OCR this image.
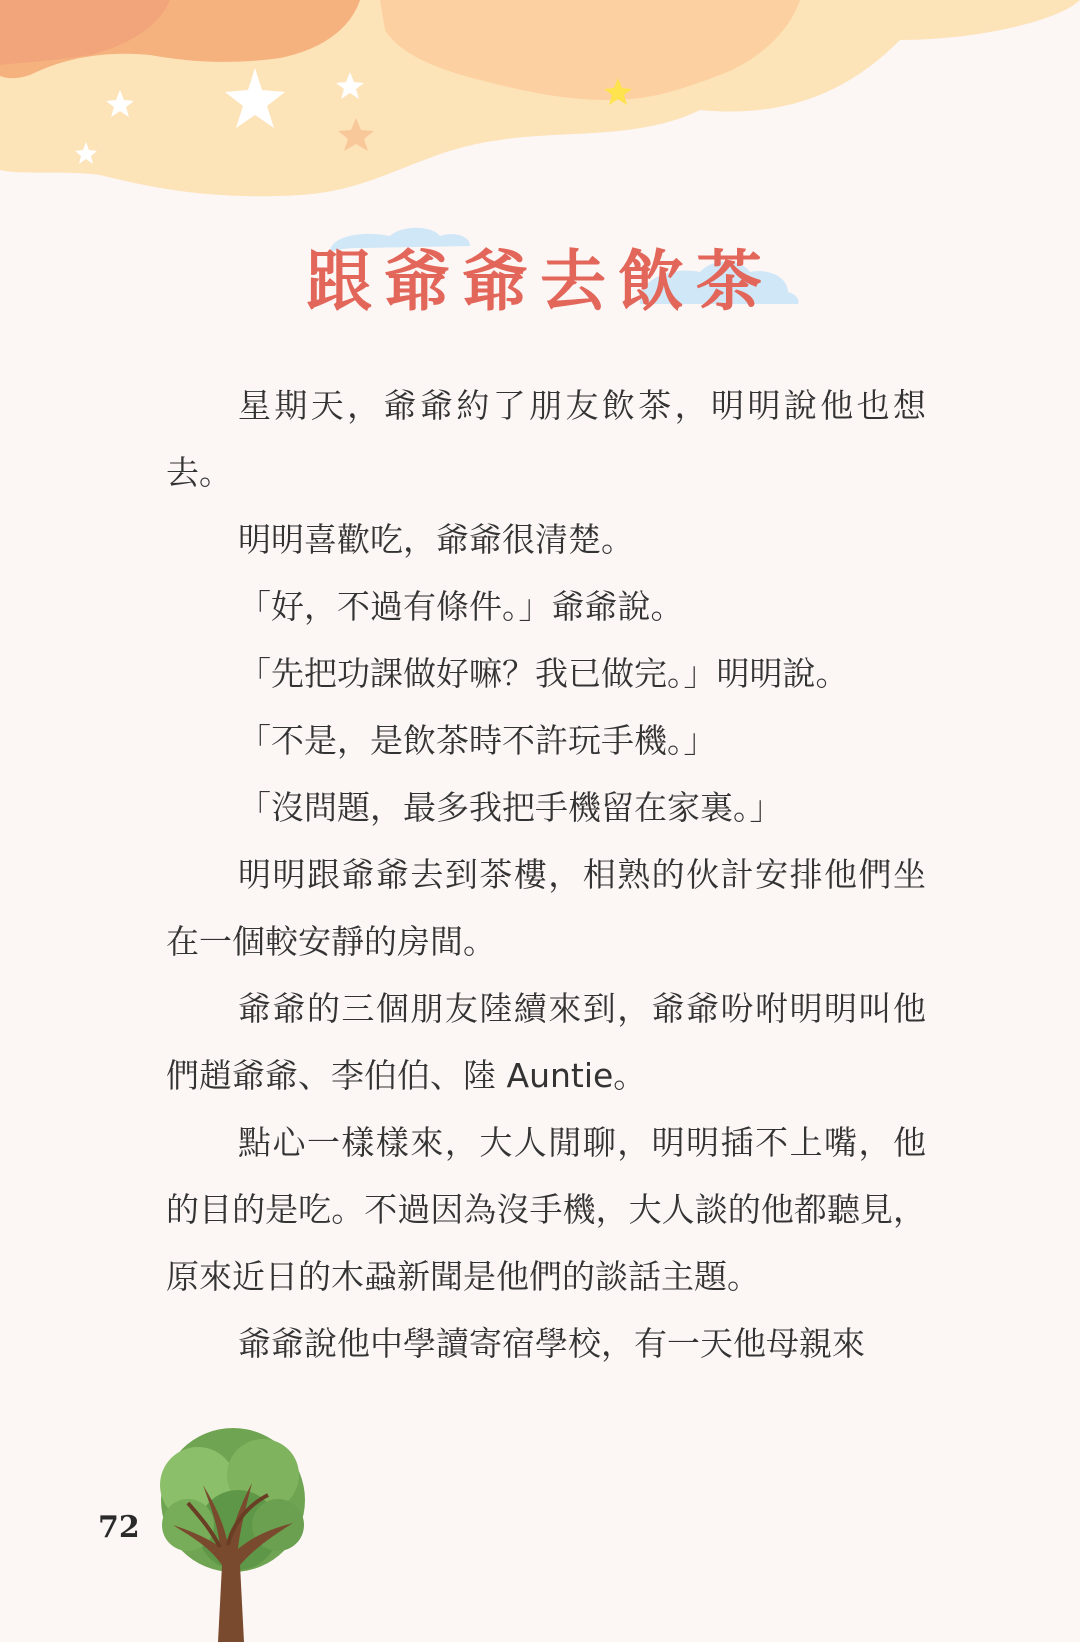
跟爺爺去飲茶

星期天，爺爺約了朋友飲茶，明明說他也想去。

明明喜歡吃，爺爺很清楚。

「好，不過有條件。」爺爺說。

「先把功課做好嘛？我已做完。」明明說。

「不是，是飲茶時不許玩手機。」

「沒問題，最多我把手機留在家裏。」

明明跟爺爺去到茶樓，相熟的伙計安排他們坐在一個較安靜的房間。

爺爺的三個朋友陸續來到，爺爺吩咐明明叫他們趙爺爺、李伯伯、陸 Auntie。

點心一樣樣來，大人閒聊，明明插不上嘴，他的目的是吃。不過因為沒手機，大人談的他都聽見，原來近日的木蝨新聞是他們的談話主題。

爺爺說他中學讀寄宿學校，有一天他母親來

72
